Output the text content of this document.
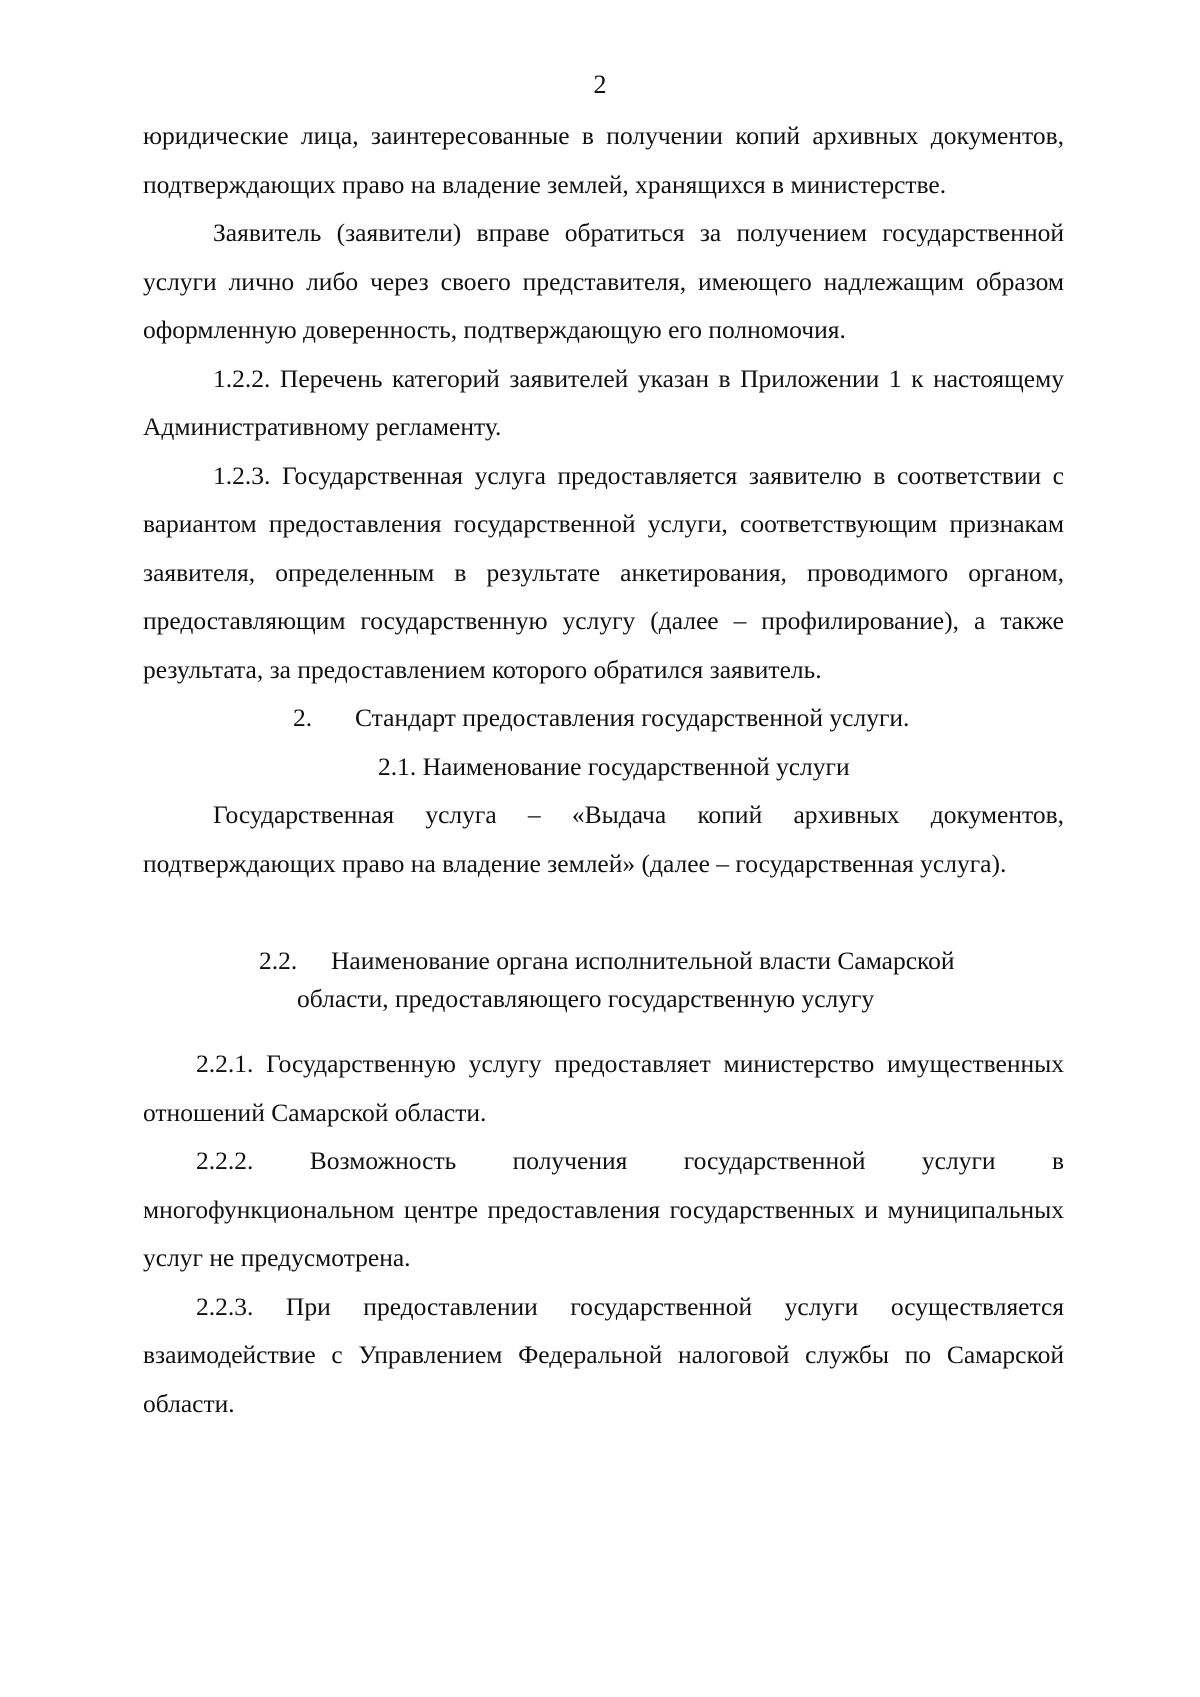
2

юридические лица, заинтересованные в получении копий архивных документов, подтверждающих право на владение землей, хранящихся в министерстве.

Заявитель (заявители) вправе обратиться за получением государственной услуги лично либо через своего представителя, имеющего надлежащим образом оформленную доверенность, подтверждающую его полномочия.

1.2.2. Перечень категорий заявителей указан в Приложении 1 к настоящему Административному регламенту.

1.2.3. Государственная услуга предоставляется заявителю в соответствии с вариантом предоставления государственной услуги, соответствующим признакам заявителя, определенным в результате анкетирования, проводимого органом, предоставляющим государственную услугу (далее – профилирование), а также результата, за предоставлением которого обратился заявитель.

2. Стандарт предоставления государственной услуги.

2.1. Наименование государственной услуги

Государственная услуга – «Выдача копий архивных документов, подтверждающих право на владение землей» (далее – государственная услуга).

2.2. Наименование органа исполнительной власти Самарской
области, предоставляющего государственную услугу

2.2.1. Государственную услугу предоставляет министерство имущественных отношений Самарской области.

2.2.2. Возможность получения государственной услуги в многофункциональном центре предоставления государственных и муниципальных услуг не предусмотрена.

2.2.3. При предоставлении государственной услуги осуществляется взаимодействие с Управлением Федеральной налоговой службы по Самарской области.
